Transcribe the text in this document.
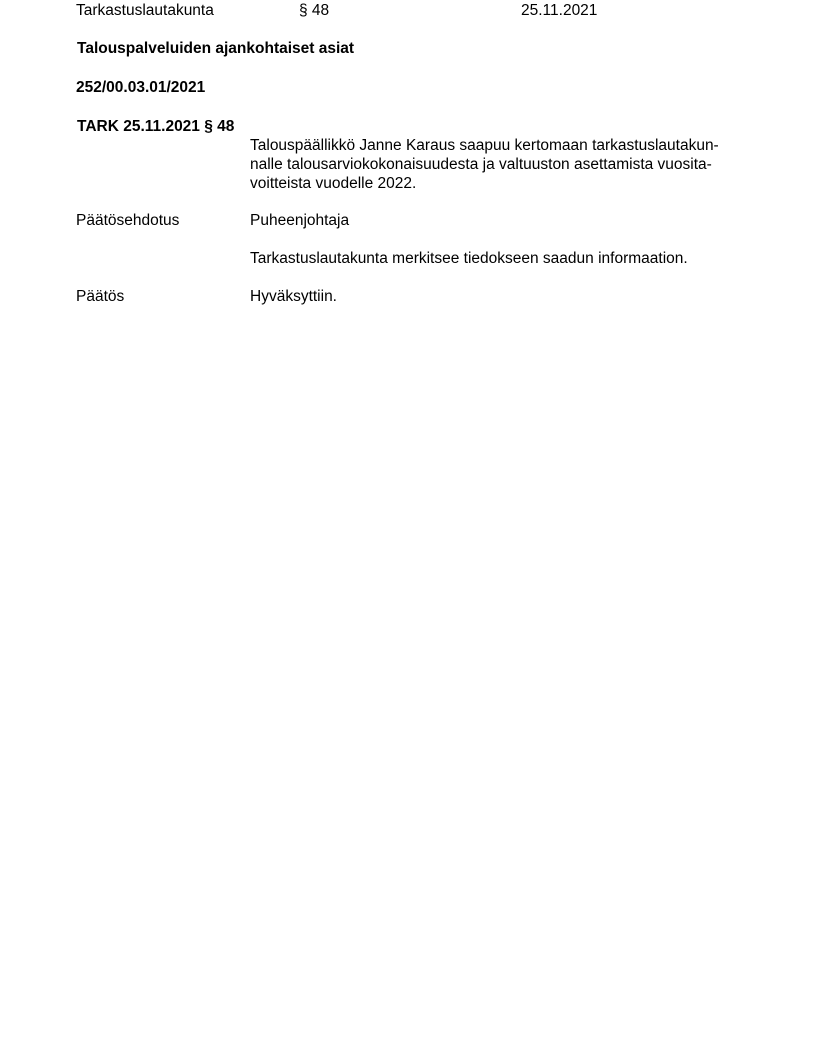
Tarkastuslautakunta	§ 48	25.11.2021
Talouspalveluiden ajankohtaiset asiat
252/00.03.01/2021
TARK 25.11.2021 § 48
Talouspäällikkö Janne Karaus saapuu kertomaan tarkastuslautakun-
nalle talousarviokokonaisuudesta ja valtuuston asettamista vuosita-
voitteista vuodelle 2022.
Päätösehdotus	Puheenjohtaja
Tarkastuslautakunta merkitsee tiedokseen saadun informaation.
Päätös	Hyväksyttiin.
